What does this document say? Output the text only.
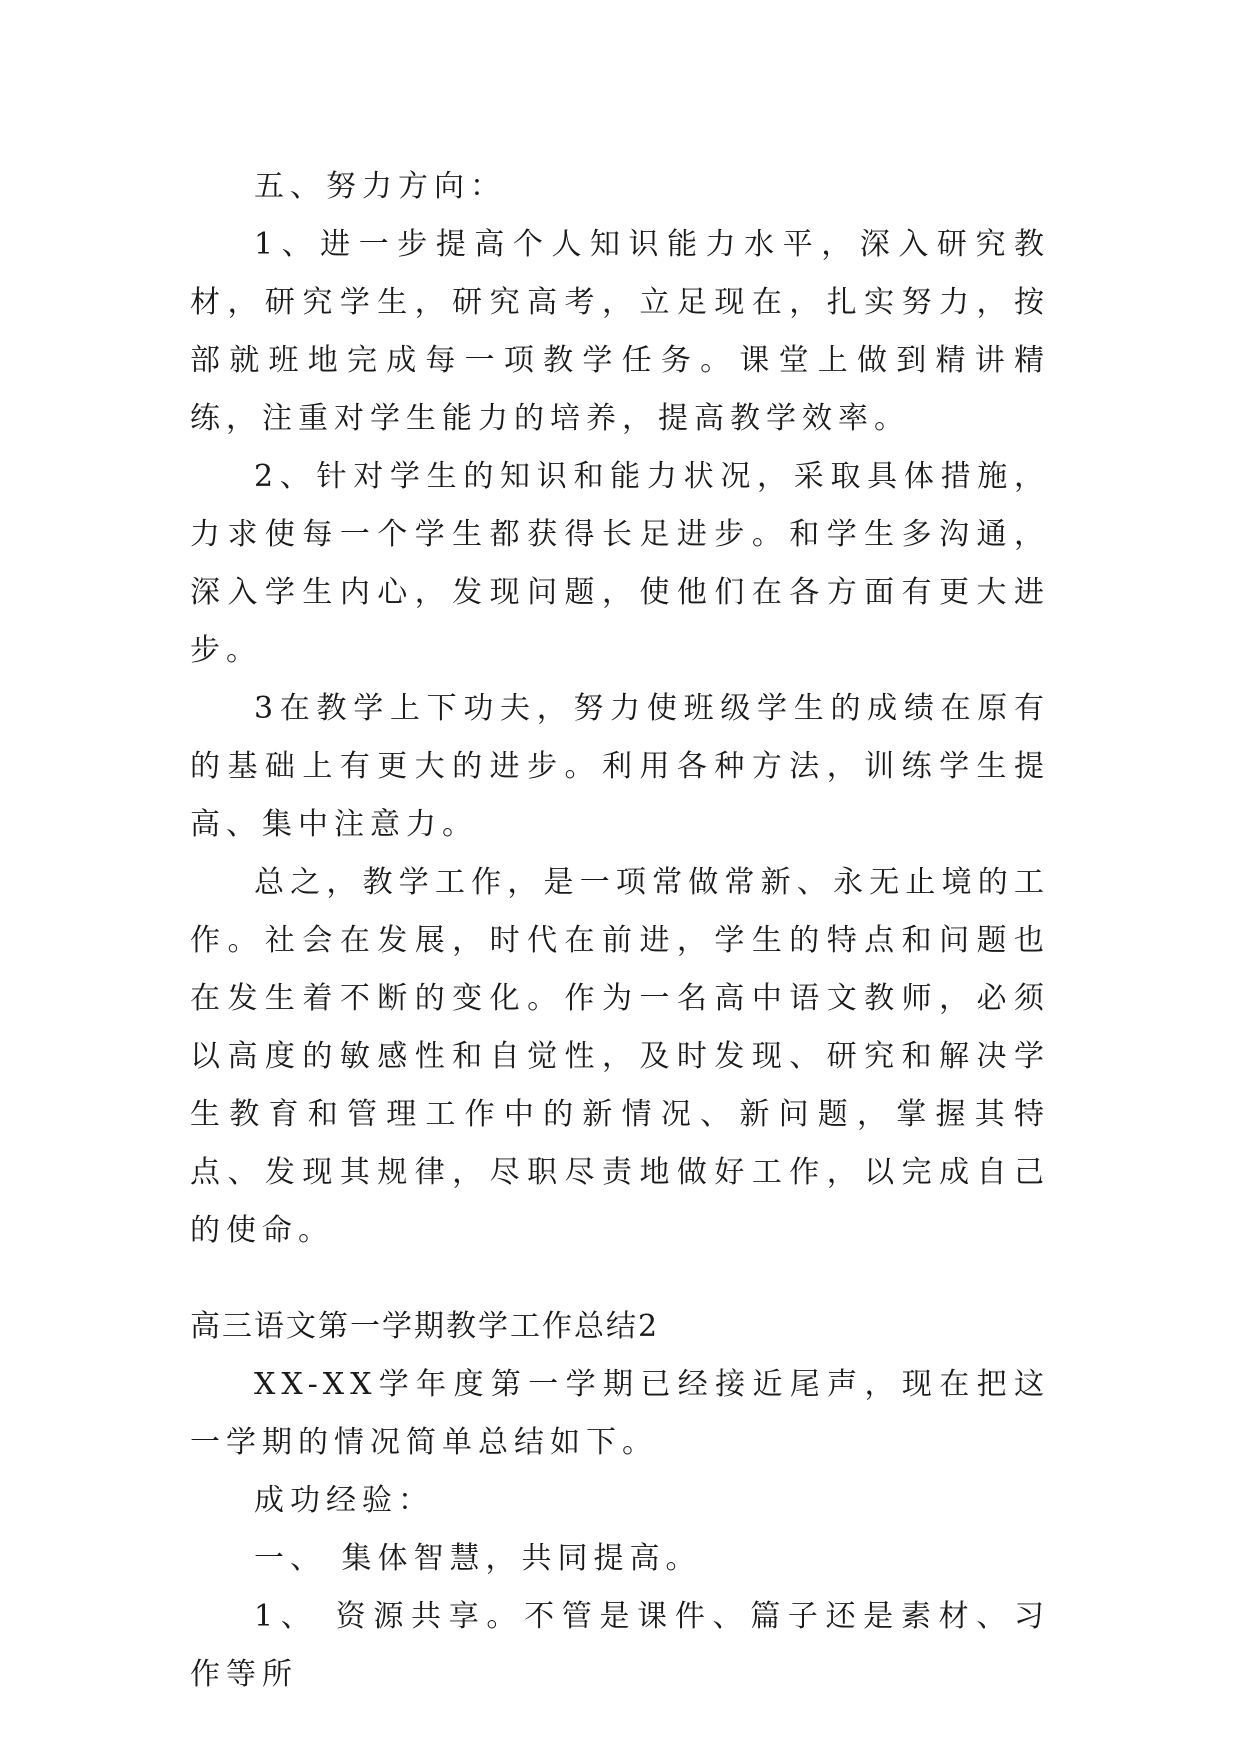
五、努力方向：

1、进一步提高个人知识能力水平，深入研究教材，研究学生，研究高考，立足现在，扎实努力，按部就班地完成每一项教学任务。课堂上做到精讲精练，注重对学生能力的培养，提高教学效率。

2、针对学生的知识和能力状况，采取具体措施，力求使每一个学生都获得长足进步。和学生多沟通，深入学生内心，发现问题，使他们在各方面有更大进步。

3在教学上下功夫，努力使班级学生的成绩在原有的基础上有更大的进步。利用各种方法，训练学生提高、集中注意力。

总之，教学工作，是一项常做常新、永无止境的工作。社会在发展，时代在前进，学生的特点和问题也在发生着不断的变化。作为一名高中语文教师，必须以高度的敏感性和自觉性，及时发现、研究和解决学生教育和管理工作中的新情况、新问题，掌握其特点、发现其规律，尽职尽责地做好工作，以完成自己的使命。

高三语文第一学期教学工作总结2

XX-XX学年度第一学期已经接近尾声，现在把这一学期的情况简单总结如下。

成功经验：

一、 集体智慧，共同提高。

1、 资源共享。不管是课件、篇子还是素材、习作等所
